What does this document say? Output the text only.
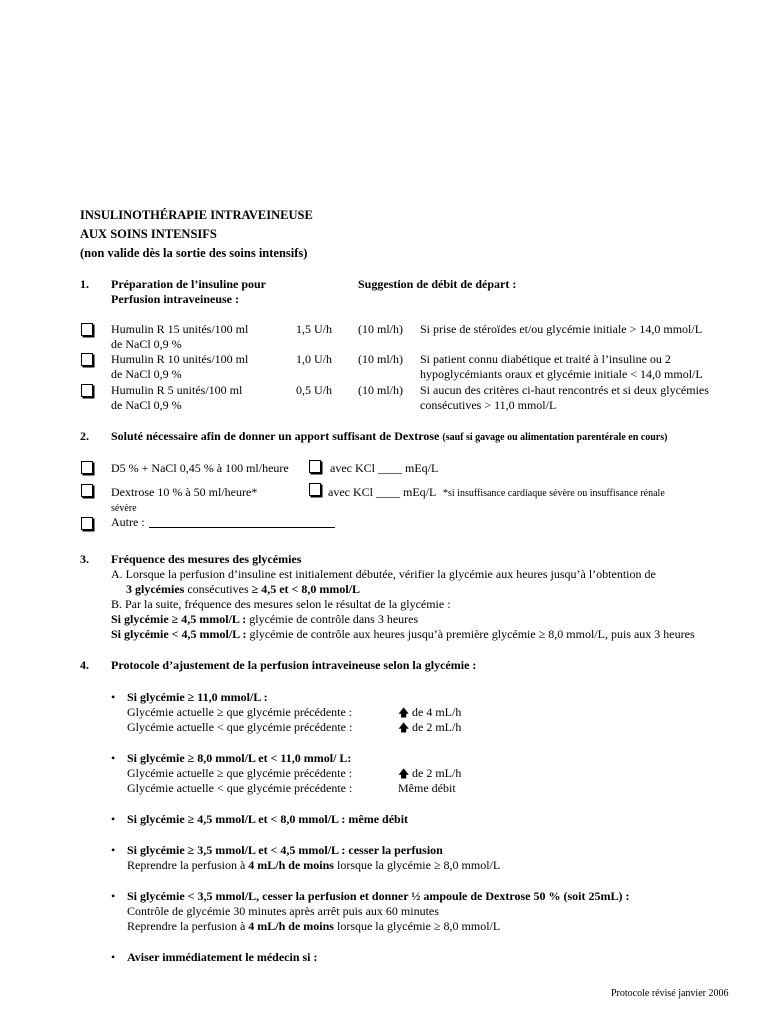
INSULINOTHÉRAPIE INTRAVEINEUSE
AUX SOINS INTENSIFS
(non valide dès la sortie des soins intensifs)
1. Préparation de l’insuline pour
Perfusion intraveineuse :
Suggestion de débit de départ :
Humulin R 15 unités/100 ml
de NaCl 0,9 %
1,5 U/h (10 ml/h) Si prise de stéroïdes et/ou glycémie initiale > 14,0 mmol/L
Humulin R 10 unités/100 ml
de NaCl 0,9 %
1,0 U/h (10 ml/h) Si patient connu diabétique et traité à l’insuline ou 2
hypoglycémiants oraux et glycémie initiale < 14,0 mmol/L
Humulin R 5 unités/100 ml
de NaCl 0,9 %
0,5 U/h (10 ml/h) Si aucun des critères ci-haut rencontrés et si deux glycémies
consécutives > 11,0 mmol/L
2. Soluté nécessaire afin de donner un apport suffisant de Dextrose (sauf si gavage ou alimentation parentérale en cours)
D5 % + NaCl 0,45 % à 100 ml/heure	avec KCl ____ mEq/L
Dextrose 10 % à 50 ml/heure*	avec KCl ____ mEq/L *si insuffisance cardiaque sévère ou insuffisance rénale
sévère
Autre :
3. Fréquence des mesures des glycémies
A. Lorsque la perfusion d’insuline est initialement débutée, vérifier la glycémie aux heures jusqu’à l’obtention de
3 glycémies consécutives ≥ 4,5 et < 8,0 mmol/L
B. Par la suite, fréquence des mesures selon le résultat de la glycémie :
Si glycémie ≥ 4,5 mmol/L : glycémie de contrôle dans 3 heures
Si glycémie < 4,5 mmol/L : glycémie de contrôle aux heures jusqu’à première glycémie ≥ 8,0 mmol/L, puis aux 3 heures
4. Protocole d’ajustement de la perfusion intraveineuse selon la glycémie :
• Si glycémie ≥ 11,0 mmol/L :
Glycémie actuelle ≥ que glycémie précédente :	🡅 de 4 mL/h
Glycémie actuelle < que glycémie précédente :	🡅 de 2 mL/h
• Si glycémie ≥ 8,0 mmol/L et < 11,0 mmol/ L:
Glycémie actuelle ≥ que glycémie précédente :	🡅 de 2 mL/h
Glycémie actuelle < que glycémie précédente :	Même débit
• Si glycémie ≥ 4,5 mmol/L et < 8,0 mmol/L : même débit
• Si glycémie ≥ 3,5 mmol/L et < 4,5 mmol/L : cesser la perfusion
Reprendre la perfusion à 4 mL/h de moins lorsque la glycémie ≥ 8,0 mmol/L
• Si glycémie < 3,5 mmol/L, cesser la perfusion et donner ½ ampoule de Dextrose 50 % (soit 25mL) :
Contrôle de glycémie 30 minutes après arrêt puis aux 60 minutes
Reprendre la perfusion à 4 mL/h de moins lorsque la glycémie ≥ 8,0 mmol/L
• Aviser immédiatement le médecin si :
Protocole révisé janvier 2006
